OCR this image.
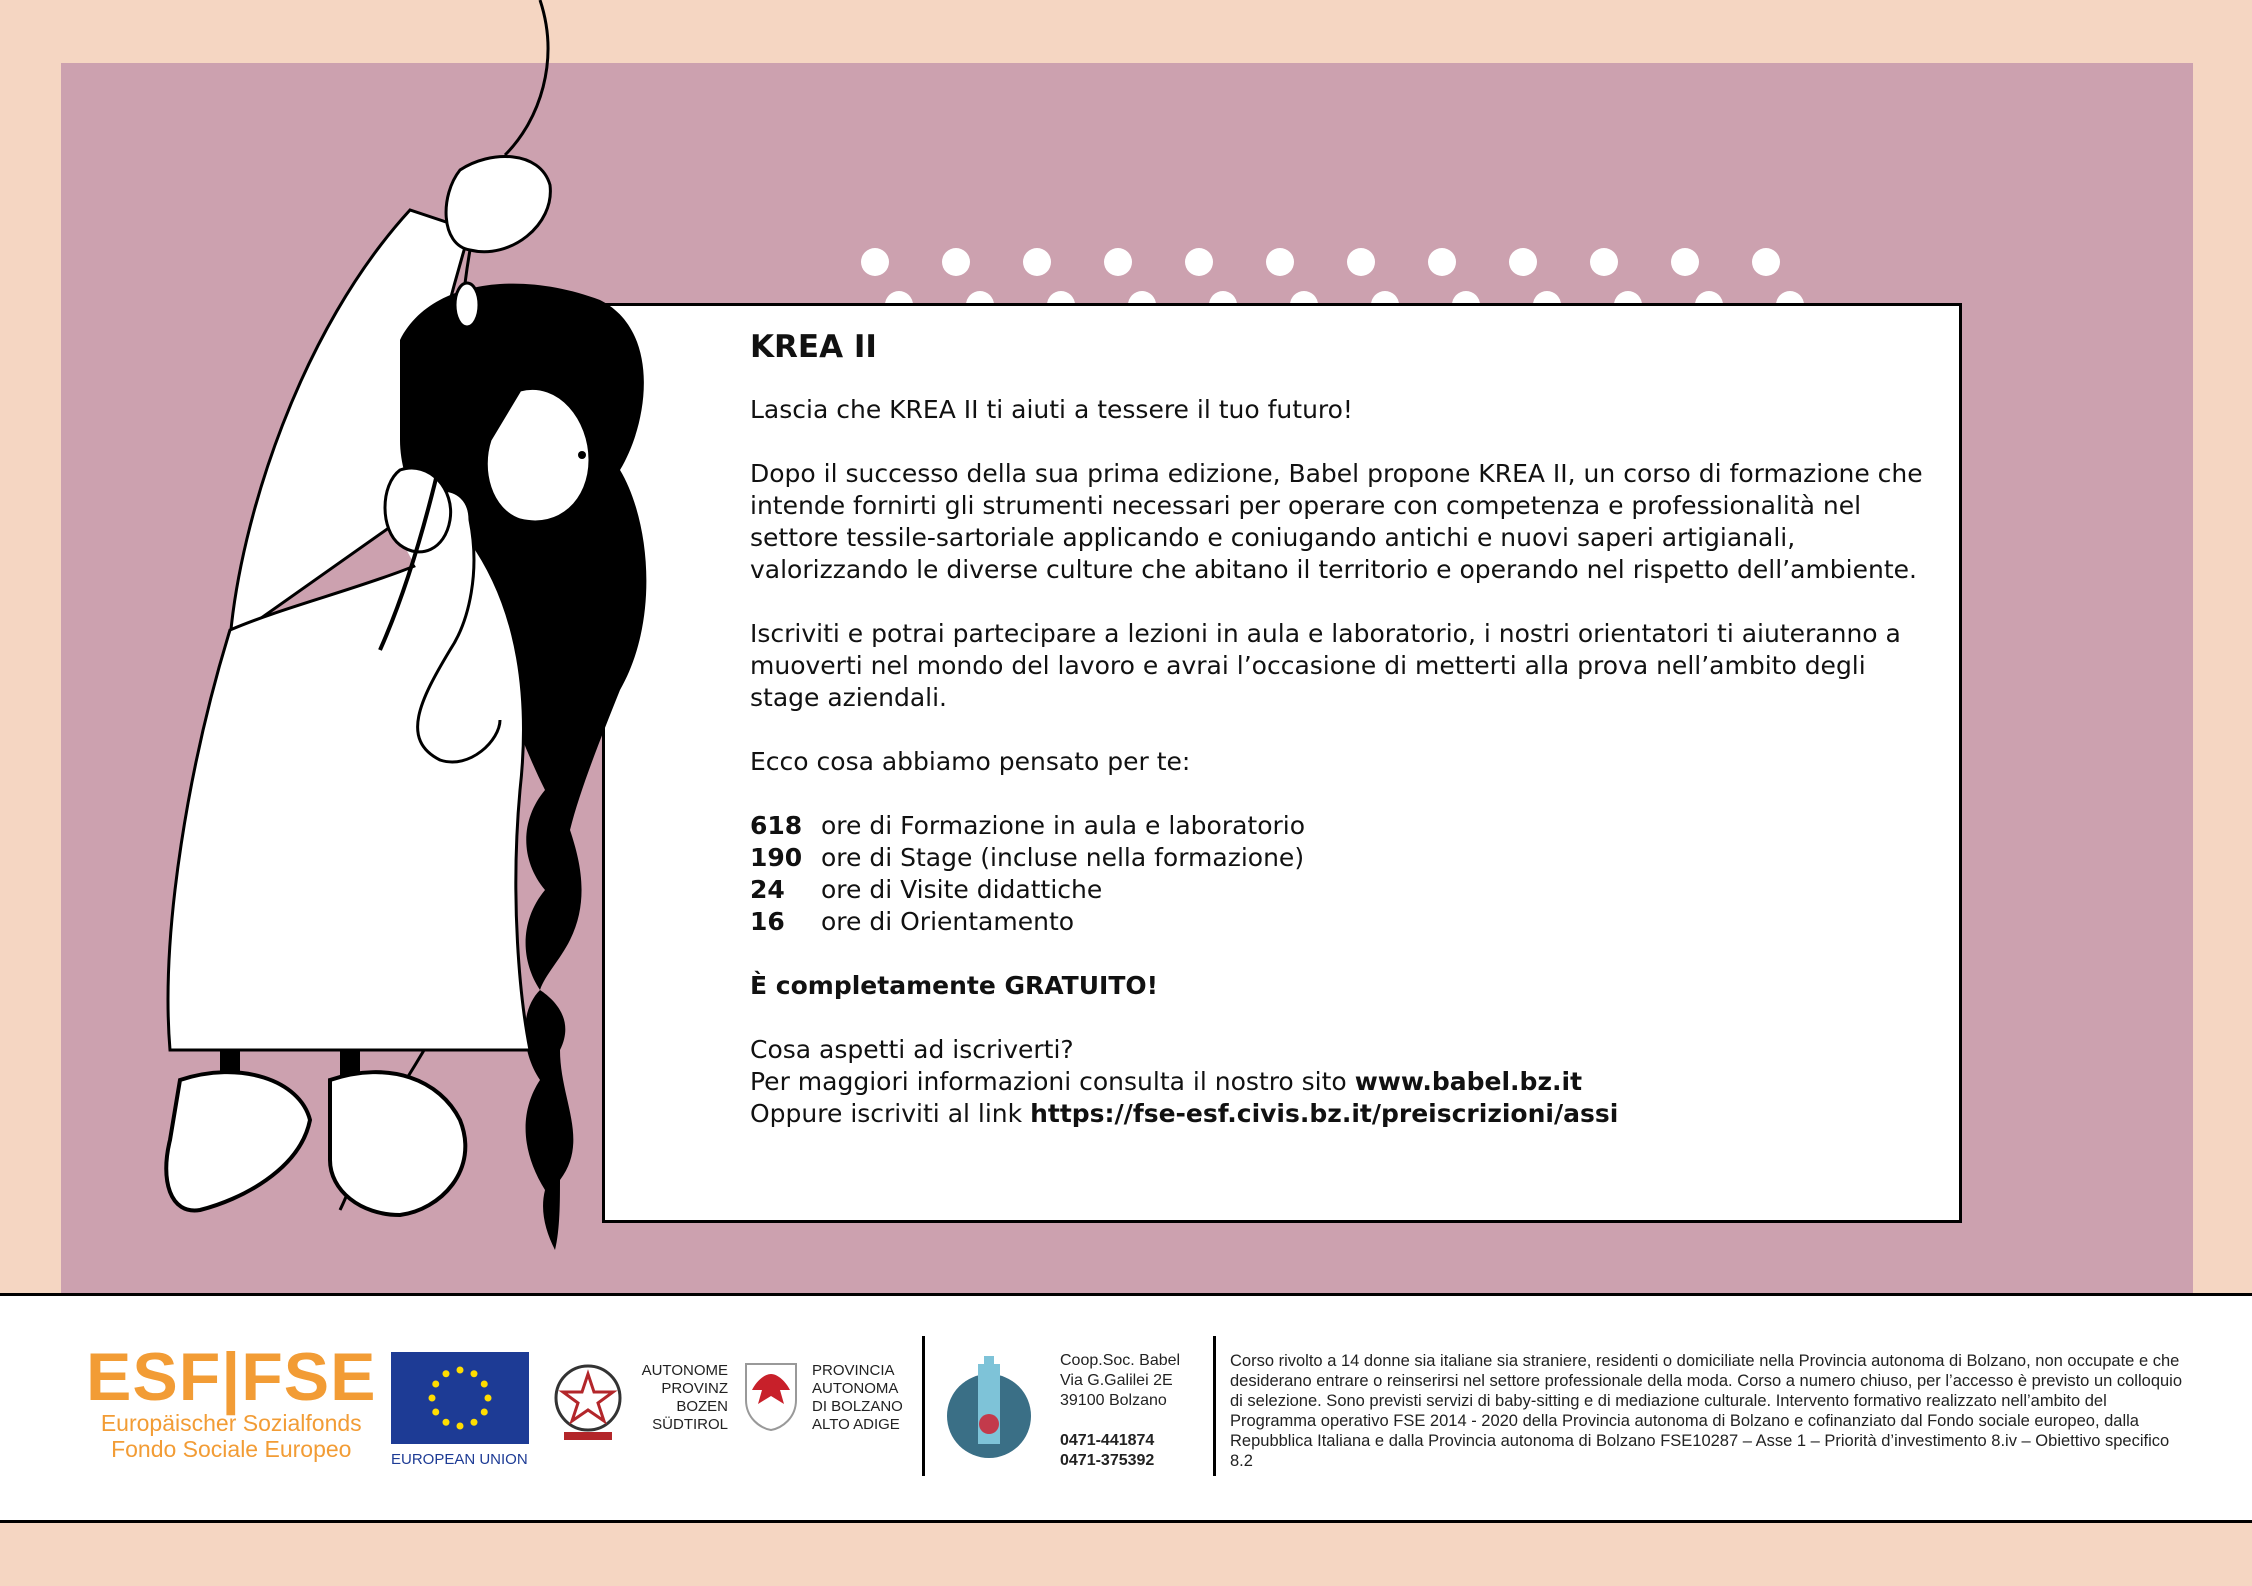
KREA II

Lascia che KREA II ti aiuti a tessere il tuo futuro!

Dopo il successo della sua prima edizione, Babel propone KREA II, un corso di formazione che intende fornirti gli strumenti necessari per operare con competenza e professionalità nel settore tessile-sartoriale applicando e coniugando antichi e nuovi saperi artigianali, valorizzando le diverse culture che abitano il territorio e operando nel rispetto dell’ambiente.

Iscriviti e potrai partecipare a lezioni in aula e laboratorio, i nostri orientatori ti aiuteranno a muoverti nel mondo del lavoro e avrai l’occasione di metterti alla prova nell’ambito degli stage aziendali.

Ecco cosa abbiamo pensato per te:

618 ore di Formazione in aula e laboratorio
190 ore di Stage (incluse nella formazione)
24	ore di Visite didattiche
16	ore di Orientamento

È completamente GRATUITO!

Cosa aspetti ad iscriverti?
Per maggiori informazioni consulta il nostro sito www.babel.bz.it
Oppure iscriviti al link https://fse-esf.civis.bz.it/preiscrizioni/assi
ESF|FSE
Europäischer Sozialfonds
Fondo Sociale Europeo	EUROPEAN UNION
AUTONOME
PROVINZ
BOZEN
SÜDTIROL
PROVINCIA
AUTONOMA
DI BOLZANO
ALTO ADIGE
Coop.Soc. Babel
Via G.Galilei 2E
39100 Bolzano
0471-441874
0471-375392
Corso rivolto a 14 donne sia italiane sia straniere, residenti o domiciliate nella Provincia autonoma di Bolzano, non occupate e che desiderano entrare o reinserirsi nel settore professionale della moda. Corso a numero chiuso, per l’accesso è previsto un colloquio di selezione. Sono previsti servizi di baby-sitting e di mediazione culturale. Intervento formativo realizzato nell’ambito del Programma operativo FSE 2014 - 2020 della Provincia autonoma di Bolzano e cofinanziato dal Fondo sociale europeo, dalla Repubblica Italiana e dalla Provincia autonoma di Bolzano FSE10287 – Asse 1 – Priorità d’investimento 8.iv – Obiettivo specifico 8.2
